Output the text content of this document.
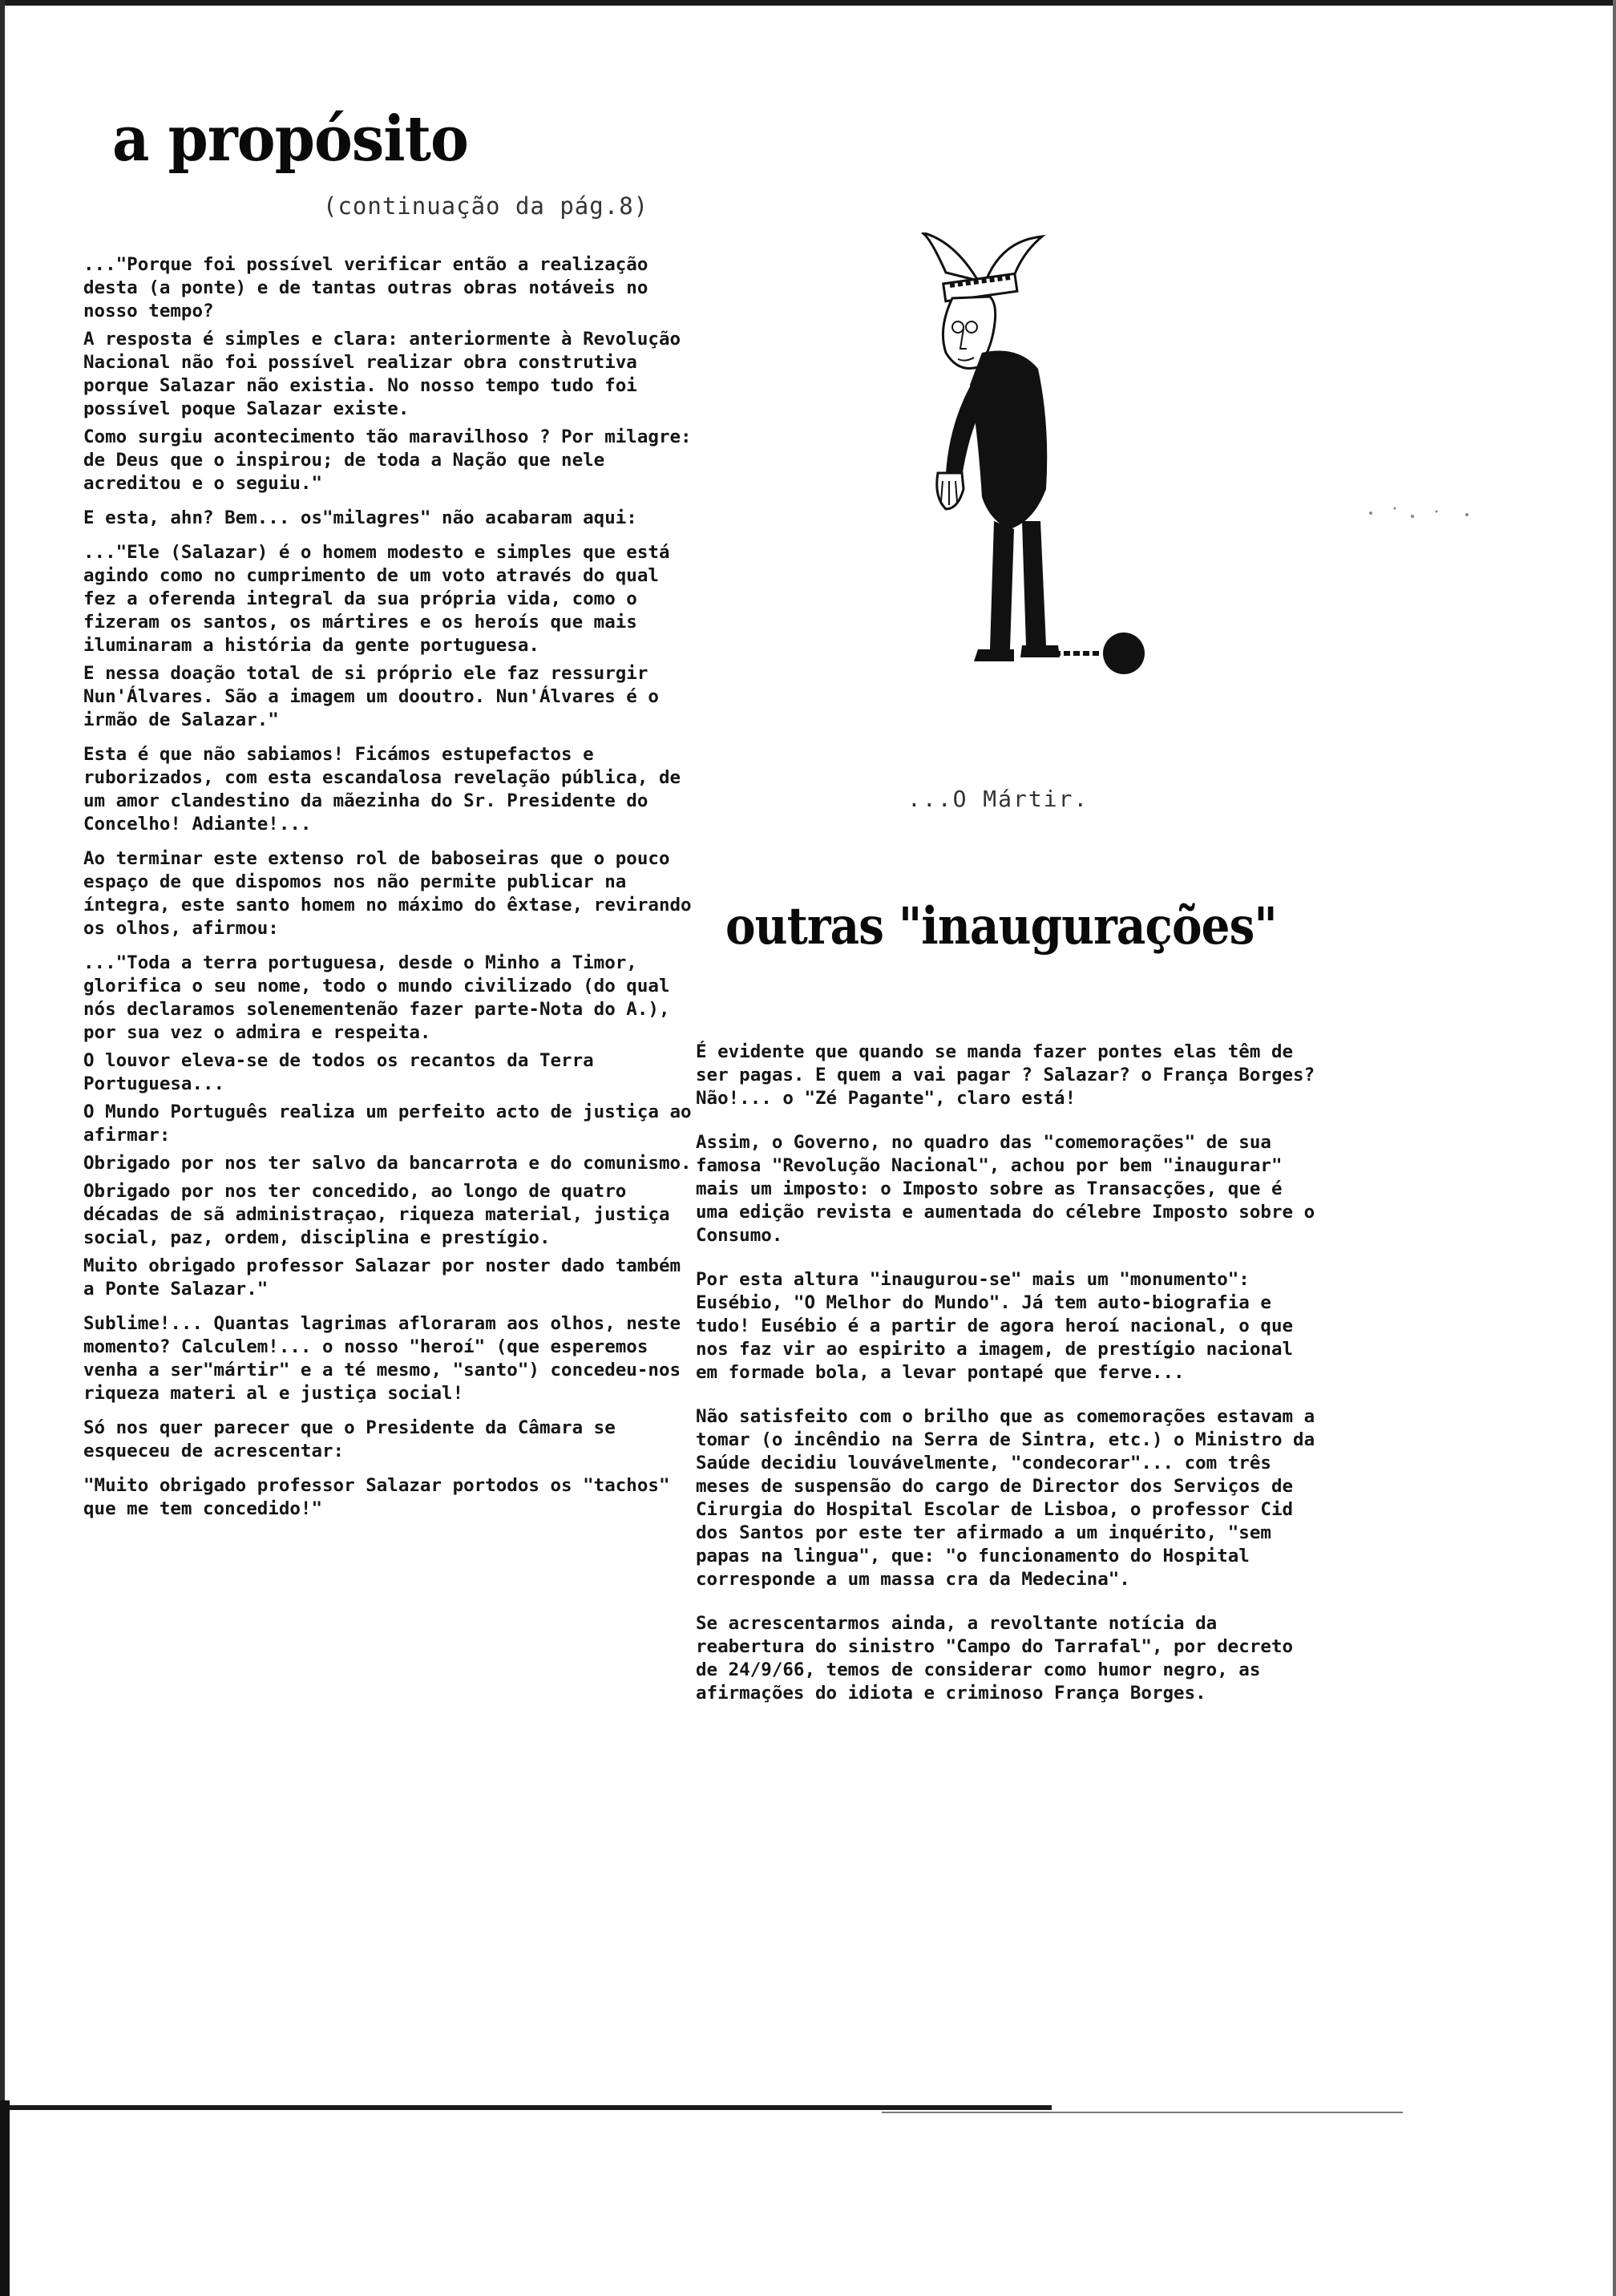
a propósito
(continuação da pág.8)

..."Porque foi possível verificar então a realização desta (a ponte) e de tantas outras obras notáveis no nosso tempo?

A resposta é simples e clara: anteriormente à Revolução Nacional não foi possível realizar obra construtiva porque Salazar não existia. No nosso tempo tudo foi possível poque Salazar existe.

Como surgiu acontecimento tão maravilhoso ? Por milagre: de Deus que o inspirou; de toda a Nação que nele acreditou e o seguiu."

E esta, ahn? Bem... os"milagres" não acabaram aqui:

..."Ele (Salazar) é o homem modesto e simples que está agindo como no cumprimento de um voto através do qual fez a oferenda integral da sua própria vida, como o fizeram os santos, os mártires e os heroís que mais iluminaram a história da gente portuguesa.

E nessa doação total de si próprio ele faz ressurgir Nun'Álvares. São a imagem um dooutro. Nun'Álvares é o irmão de Salazar."

Esta é que não sabiamos! Ficámos estupefactos e ruborizados, com esta escandalosa revelação pública, de um amor clandestino da mãezinha do Sr. Presidente do Concelho! Adiante!...

Ao terminar este extenso rol de baboseiras que o pouco espaço de que dispomos nos não permite publicar na íntegra, este santo homem no máximo do êxtase, revirando os olhos, afirmou:

..."Toda a terra portuguesa, desde o Minho a Timor, glorifica o seu nome, todo o mundo civilizado (do qual nós declaramos solenementenão fazer parte-Nota do A.), por sua vez o admira e respeita.

O louvor eleva-se de todos os recantos da Terra Portuguesa...

O Mundo Português realiza um perfeito acto de justiça ao afirmar:

Obrigado por nos ter salvo da bancarrota e do comunismo.

Obrigado por nos ter concedido, ao longo de quatro décadas de sã administraçao, riqueza material, justiça social, paz, ordem, disciplina e prestígio.

Muito obrigado professor Salazar por noster dado também a Ponte Salazar."

Sublime!... Quantas lagrimas afloraram aos olhos, neste momento? Calculem!... o nosso "heroí" (que esperemos venha a ser"mártir" e a té mesmo, "santo") concedeu-nos riqueza materi al e justiça social!

Só nos quer parecer que o Presidente da Câmara se esqueceu de acrescentar:

"Muito obrigado professor Salazar portodos os "tachos" que me tem concedido!"

...O Mártir.
outras "inaugurações"

É evidente que quando se manda fazer pontes elas têm de ser pagas. E quem a vai pagar ? Salazar? o França Borges? Não!... o "Zé Pagante", claro está!

Assim, o Governo, no quadro das "comemorações" de sua famosa "Revolução Nacional", achou por bem "inaugurar" mais um imposto: o Imposto sobre as Transacções, que é uma edição revista e aumentada do célebre Imposto sobre o Consumo.

Por esta altura "inaugurou-se" mais um "monumento": Eusébio, "O Melhor do Mundo". Já tem auto-biografia e tudo! Eusébio é a partir de agora heroí nacional, o que nos faz vir ao espirito a imagem, de prestígio nacional em formade bola, a levar pontapé que ferve...

Não satisfeito com o brilho que as comemorações estavam a tomar (o incêndio na Serra de Sintra, etc.) o Ministro da Saúde decidiu louvávelmente, "condecorar"... com três meses de suspensão do cargo de Director dos Serviços de Cirurgia do Hospital Escolar de Lisboa, o professor Cid dos Santos por este ter afirmado a um inquérito, "sem papas na lingua", que: "o funcionamento do Hospital corresponde a um massa cra da Medecina".

Se acrescentarmos ainda, a revoltante notícia da reabertura do sinistro "Campo do Tarrafal", por decreto de 24/9/66, temos de considerar como humor negro, as afirmações do idiota e criminoso França Borges.
